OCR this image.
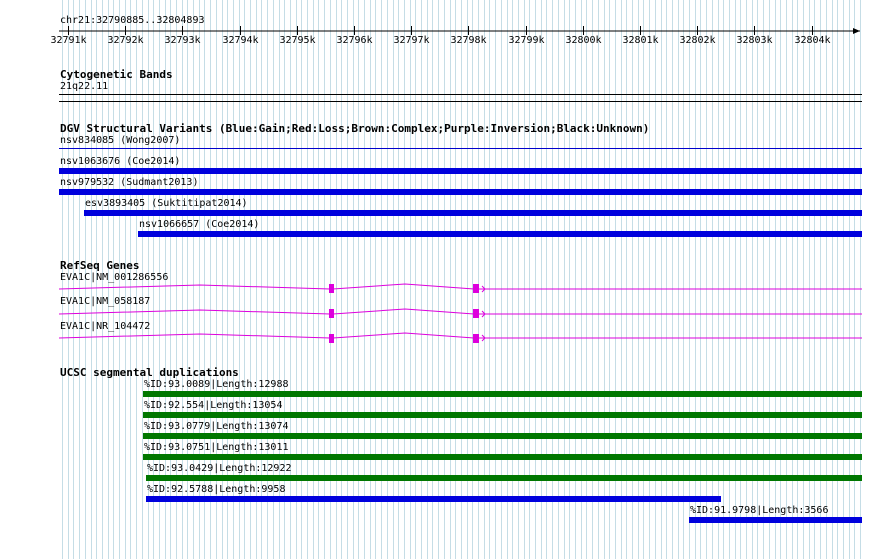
chr21:32790885..32804893
32791k 32792k 32793k 32794k 32795k 32796k 32797k 32798k 32799k 32800k 32801k 32802k 32803k 32804k
Cytogenetic Bands
21q22.11
DGV Structural Variants (Blue:Gain;Red:Loss;Brown:Complex;Purple:Inversion;Black:Unknown)
nsv834085 (Wong2007)
nsv1063676 (Coe2014)
nsv979532 (Sudmant2013)
esv3893405 (Suktitipat2014)
nsv1066657 (Coe2014)
RefSeq Genes
EVA1C|NM_001286556
EVA1C|NM_058187
EVA1C|NR_104472
UCSC segmental duplications
%ID:93.0089|Length:12988
%ID:92.554|Length:13054
%ID:93.0779|Length:13074
%ID:93.0751|Length:13011
%ID:93.0429|Length:12922
%ID:92.5788|Length:9958
%ID:91.9798|Length:3566
